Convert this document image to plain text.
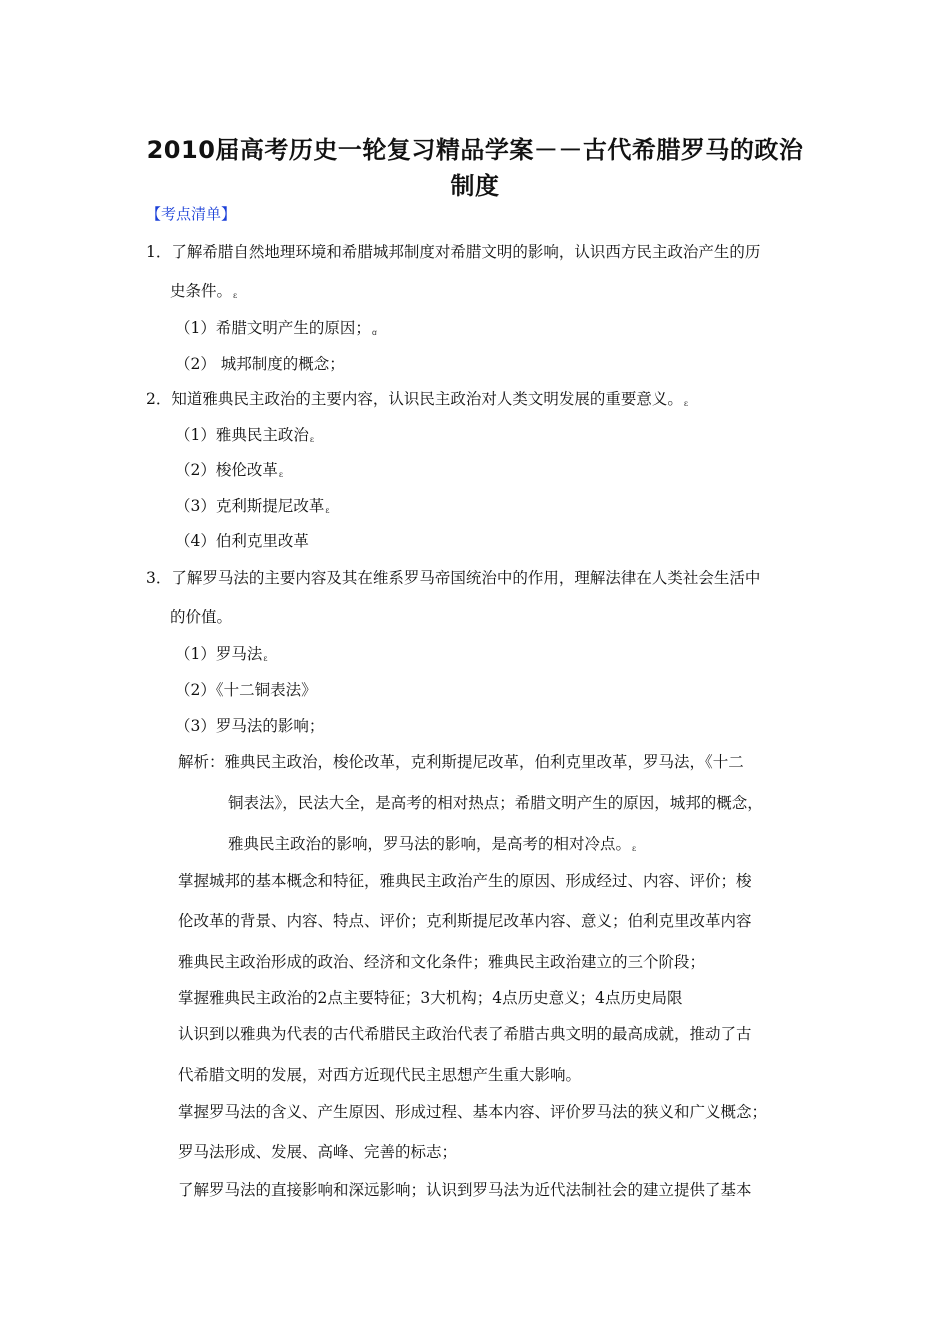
2010届高考历史一轮复习精品学案－－古代希腊罗马的政治
制度
【考点清单】
1．了解希腊自然地理环境和希腊城邦制度对希腊文明的影响，认识西方民主政治产生的历
史条件。ε
（1）希腊文明产生的原因；ꭤ
（2） 城邦制度的概念；
2．知道雅典民主政治的主要内容，认识民主政治对人类文明发展的重要意义。ε
（1）雅典民主政治ε
（2）梭伦改革ε
（3）克利斯提尼改革ε
（4）伯利克里改革
3．了解罗马法的主要内容及其在维系罗马帝国统治中的作用，理解法律在人类社会生活中
的价值。
（1）罗马法ε
（2）《十二铜表法》
（3）罗马法的影响；
解析：雅典民主政治，梭伦改革，克利斯提尼改革，伯利克里改革，罗马法，《十二
铜表法》，民法大全，是高考的相对热点；希腊文明产生的原因，城邦的概念，
雅典民主政治的影响，罗马法的影响，是高考的相对冷点。ε
掌握城邦的基本概念和特征，雅典民主政治产生的原因、形成经过、内容、评价；梭
伦改革的背景、内容、特点、评价；克利斯提尼改革内容、意义；伯利克里改革内容
雅典民主政治形成的政治、经济和文化条件；雅典民主政治建立的三个阶段；
掌握雅典民主政治的2点主要特征；3大机构；4点历史意义；4点历史局限
认识到以雅典为代表的古代希腊民主政治代表了希腊古典文明的最高成就，推动了古
代希腊文明的发展，对西方近现代民主思想产生重大影响。
掌握罗马法的含义、产生原因、形成过程、基本内容、评价罗马法的狭义和广义概念；
罗马法形成、发展、高峰、完善的标志；
了解罗马法的直接影响和深远影响；认识到罗马法为近代法制社会的建立提供了基本
